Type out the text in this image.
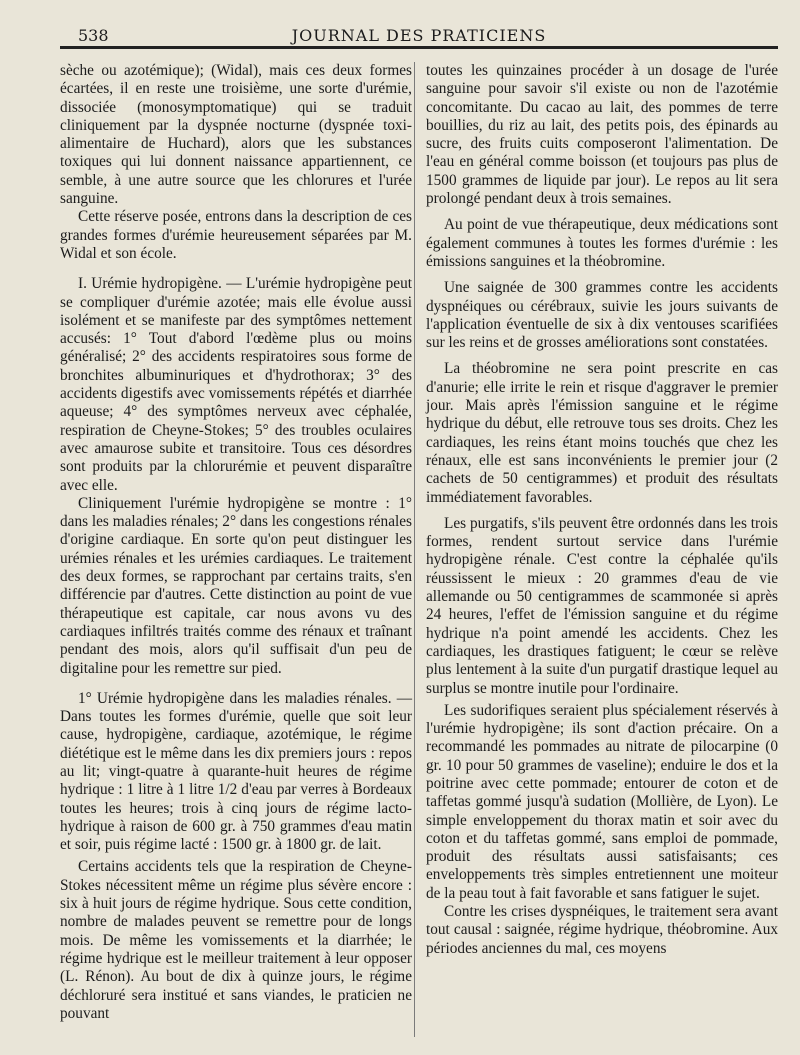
538	JOURNAL DES PRATICIENS

sèche ou azotémique); (Widal), mais ces deux formes écartées, il en reste une troisième, une sorte d'urémie, dissociée (monosymptomatique) qui se traduit cliniquement par la dyspnée nocturne (dyspnée toxi-alimentaire de Huchard), alors que les substances toxiques qui lui donnent naissance appartiennent, ce semble, à une autre source que les chlorures et l'urée sanguine.

Cette réserve posée, entrons dans la description de ces grandes formes d'urémie heureusement séparées par M. Widal et son école.

I. Urémie hydropigène. — L'urémie hydropigène peut se compliquer d'urémie azotée; mais elle évolue aussi isolément et se manifeste par des symptômes nettement accusés: 1° Tout d'abord l'œdème plus ou moins généralisé; 2° des accidents respiratoires sous forme de bronchites albuminuriques et d'hydrothorax; 3° des accidents digestifs avec vomissements répétés et diarrhée aqueuse; 4° des symptômes nerveux avec céphalée, respiration de Cheyne-Stokes; 5° des troubles oculaires avec amaurose subite et transitoire. Tous ces désordres sont produits par la chlorurémie et peuvent disparaître avec elle.

Cliniquement l'urémie hydropigène se montre : 1° dans les maladies rénales; 2° dans les congestions rénales d'origine cardiaque. En sorte qu'on peut distinguer les urémies rénales et les urémies cardiaques. Le traitement des deux formes, se rapprochant par certains traits, s'en différencie par d'autres. Cette distinction au point de vue thérapeutique est capitale, car nous avons vu des cardiaques infiltrés traités comme des rénaux et traînant pendant des mois, alors qu'il suffisait d'un peu de digitaline pour les remettre sur pied.

1° Urémie hydropigène dans les maladies rénales. — Dans toutes les formes d'urémie, quelle que soit leur cause, hydropigène, cardiaque, azotémique, le régime diététique est le même dans les dix premiers jours : repos au lit; vingt-quatre à quarante-huit heures de régime hydrique : 1 litre à 1 litre 1/2 d'eau par verres à Bordeaux toutes les heures; trois à cinq jours de régime lacto-hydrique à raison de 600 gr. à 750 grammes d'eau matin et soir, puis régime lacté : 1500 gr. à 1800 gr. de lait.

Certains accidents tels que la respiration de Cheyne-Stokes nécessitent même un régime plus sévère encore : six à huit jours de régime hydrique. Sous cette condition, nombre de malades peuvent se remettre pour de longs mois. De même les vomissements et la diarrhée; le régime hydrique est le meilleur traitement à leur opposer (L. Rénon). Au bout de dix à quinze jours, le régime déchloruré sera institué et sans viandes, le praticien ne pouvant

toutes les quinzaines procéder à un dosage de l'urée sanguine pour savoir s'il existe ou non de l'azotémie concomitante. Du cacao au lait, des pommes de terre bouillies, du riz au lait, des petits pois, des épinards au sucre, des fruits cuits composeront l'alimentation. De l'eau en général comme boisson (et toujours pas plus de 1500 grammes de liquide par jour). Le repos au lit sera prolongé pendant deux à trois semaines.

Au point de vue thérapeutique, deux médications sont également communes à toutes les formes d'urémie : les émissions sanguines et la théobromine.

Une saignée de 300 grammes contre les accidents dyspnéiques ou cérébraux, suivie les jours suivants de l'application éventuelle de six à dix ventouses scarifiées sur les reins et de grosses améliorations sont constatées.

La théobromine ne sera point prescrite en cas d'anurie; elle irrite le rein et risque d'aggraver le premier jour. Mais après l'émission sanguine et le régime hydrique du début, elle retrouve tous ses droits. Chez les cardiaques, les reins étant moins touchés que chez les rénaux, elle est sans inconvénients le premier jour (2 cachets de 50 centigrammes) et produit des résultats immédiatement favorables.

Les purgatifs, s'ils peuvent être ordonnés dans les trois formes, rendent surtout service dans l'urémie hydropigène rénale. C'est contre la céphalée qu'ils réussissent le mieux : 20 grammes d'eau de vie allemande ou 50 centigrammes de scammonée si après 24 heures, l'effet de l'émission sanguine et du régime hydrique n'a point amendé les accidents. Chez les cardiaques, les drastiques fatiguent; le cœur se relève plus lentement à la suite d'un purgatif drastique lequel au surplus se montre inutile pour l'ordinaire.

Les sudorifiques seraient plus spécialement réservés à l'urémie hydropigène; ils sont d'action précaire. On a recommandé les pommades au nitrate de pilocarpine (0 gr. 10 pour 50 grammes de vaseline); enduire le dos et la poitrine avec cette pommade; entourer de coton et de taffetas gommé jusqu'à sudation (Mollière, de Lyon). Le simple enveloppement du thorax matin et soir avec du coton et du taffetas gommé, sans emploi de pommade, produit des résultats aussi satisfaisants; ces enveloppements très simples entretiennent une moiteur de la peau tout à fait favorable et sans fatiguer le sujet.

Contre les crises dyspnéiques, le traitement sera avant tout causal : saignée, régime hydrique, théobromine. Aux périodes anciennes du mal, ces moyens
